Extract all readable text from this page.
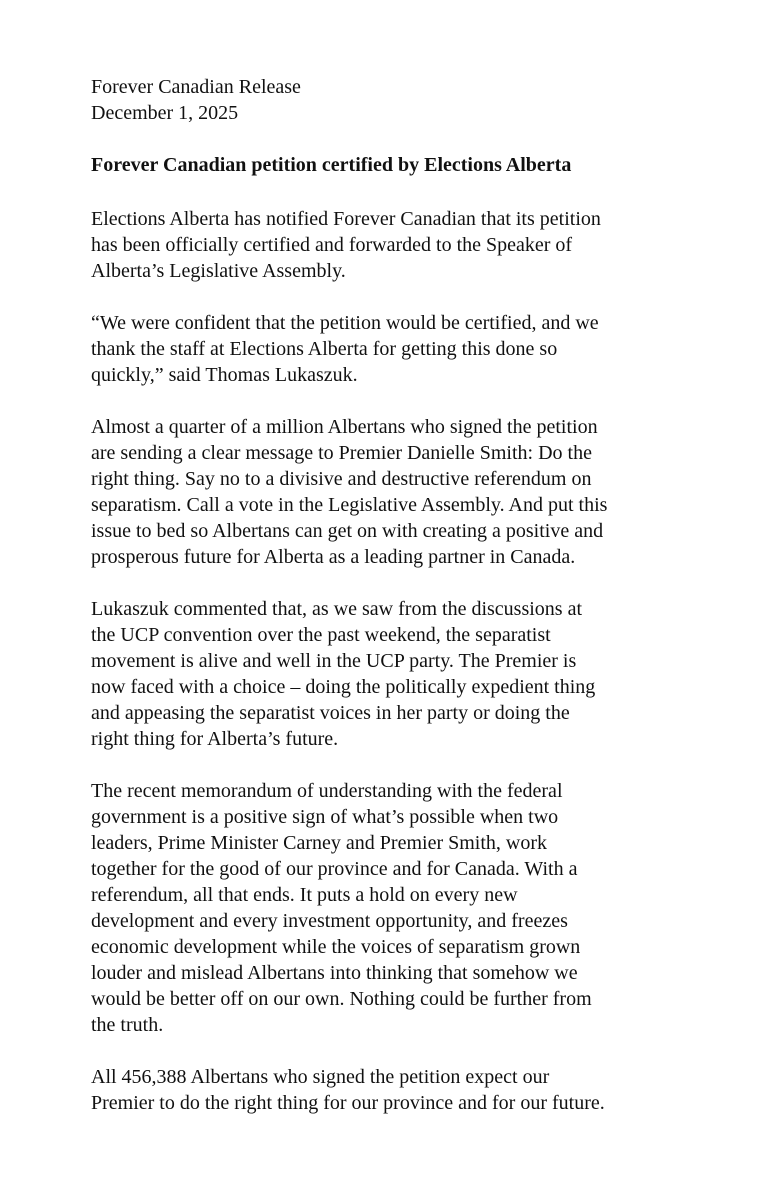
Forever Canadian Release

December 1, 2025

Forever Canadian petition certified by Elections Alberta

Elections Alberta has notified Forever Canadian that its petition
has been officially certified and forwarded to the Speaker of
Alberta’s Legislative Assembly.

“We were confident that the petition would be certified, and we
thank the staff at Elections Alberta for getting this done so
quickly,” said Thomas Lukaszuk.

Almost a quarter of a million Albertans who signed the petition
are sending a clear message to Premier Danielle Smith: Do the
right thing. Say no to a divisive and destructive referendum on
separatism. Call a vote in the Legislative Assembly. And put this
issue to bed so Albertans can get on with creating a positive and
prosperous future for Alberta as a leading partner in Canada.

Lukaszuk commented that, as we saw from the discussions at
the UCP convention over the past weekend, the separatist
movement is alive and well in the UCP party. The Premier is
now faced with a choice – doing the politically expedient thing
and appeasing the separatist voices in her party or doing the
right thing for Alberta’s future.

The recent memorandum of understanding with the federal
government is a positive sign of what’s possible when two
leaders, Prime Minister Carney and Premier Smith, work
together for the good of our province and for Canada. With a
referendum, all that ends. It puts a hold on every new
development and every investment opportunity, and freezes
economic development while the voices of separatism grown
louder and mislead Albertans into thinking that somehow we
would be better off on our own. Nothing could be further from
the truth.

All 456,388 Albertans who signed the petition expect our
Premier to do the right thing for our province and for our future.
